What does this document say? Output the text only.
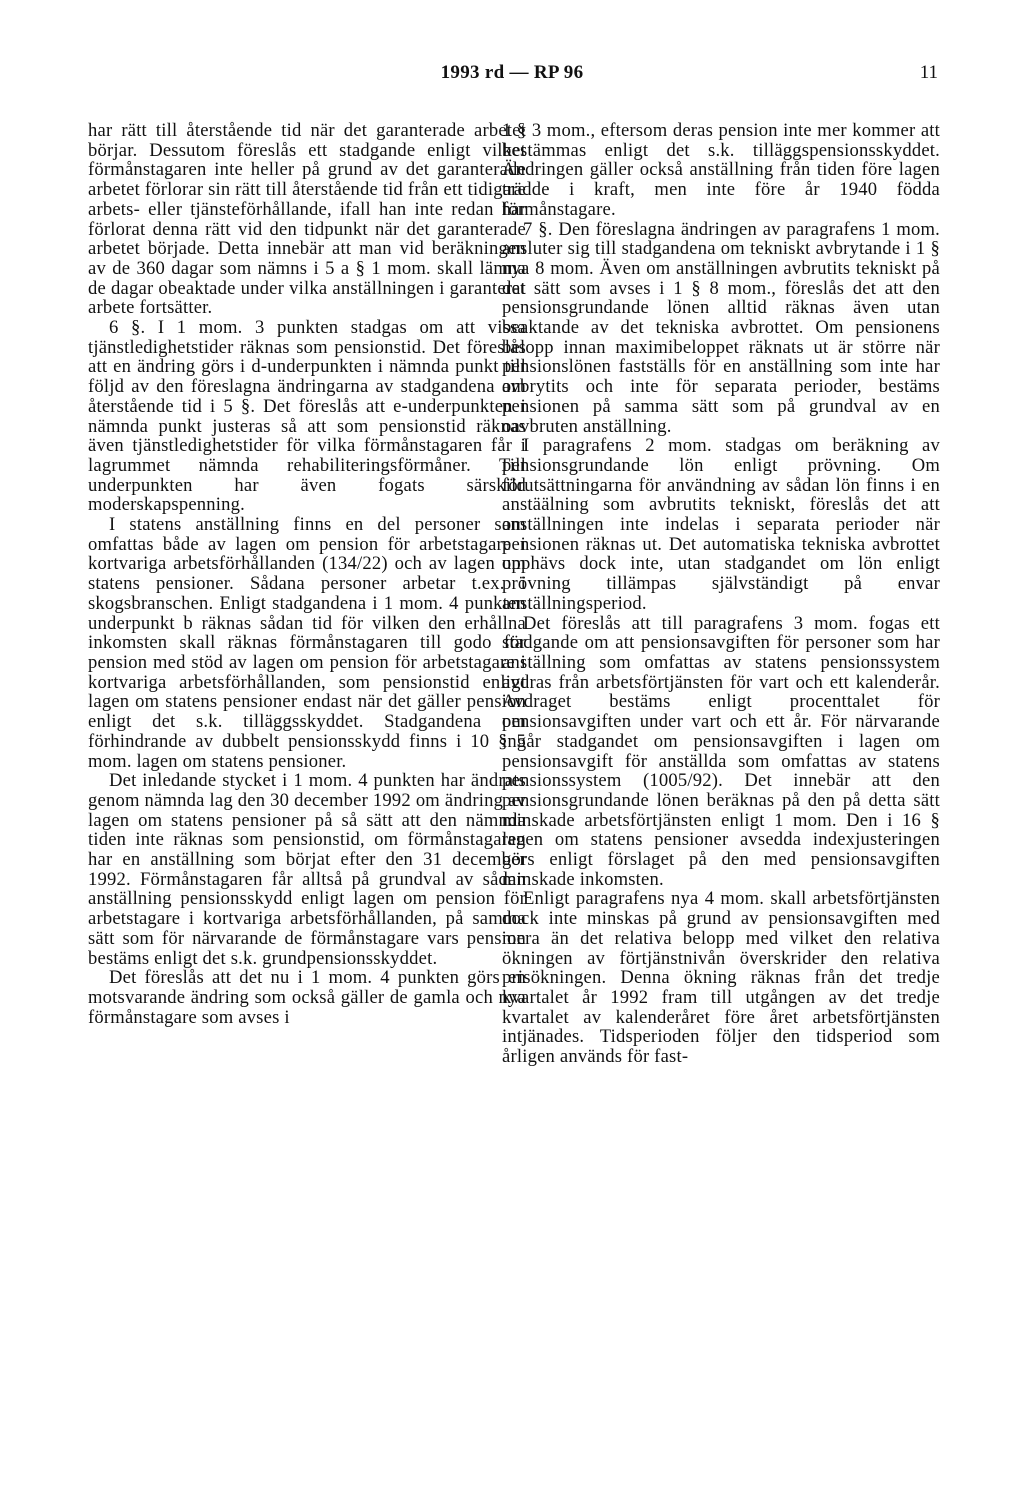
1993 rd — RP 96	11

har rätt till återstående tid när det garanterade arbetet börjar. Dessutom föreslås ett stadgande enligt vilket förmånstagaren inte heller på grund av det garanterade arbetet förlorar sin rätt till återstående tid från ett tidigare arbets- eller tjänsteförhållande, ifall han inte redan har förlorat denna rätt vid den tidpunkt när det garanterade arbetet började. Detta innebär att man vid beräkningen av de 360 dagar som nämns i 5 a § 1 mom. skall lämna de dagar obeaktade under vilka anställningen i garanterat arbete fortsätter.

6 §. I 1 mom. 3 punkten stadgas om att vissa tjänstledighetstider räknas som pensionstid. Det föreslås att en ändring görs i d-underpunkten i nämnda punkt till följd av den föreslagna ändringarna av stadgandena om återstående tid i 5 §. Det föreslås att e-underpunkten i nämnda punkt justeras så att som pensionstid räknas även tjänstledighetstider för vilka förmånstagaren får i lagrummet nämnda rehabiliteringsförmåner. Till underpunkten har även fogats särskild moderskapspenning.

I statens anställning finns en del personer som omfattas både av lagen om pension för arbetstagare i kortvariga arbetsförhållanden (134/22) och av lagen om statens pensioner. Sådana personer arbetar t.ex. i skogsbranschen. Enligt stadgandena i 1 mom. 4 punkten underpunkt b räknas sådan tid för vilken den erhållna inkomsten skall räknas förmånstagaren till godo för pension med stöd av lagen om pension för arbetstagare i kortvariga arbetsförhållanden, som pensionstid enligt lagen om statens pensioner endast när det gäller pension enligt det s.k. tilläggsskyddet. Stadgandena om förhindrande av dubbelt pensionsskydd finns i 10 § 5 mom. lagen om statens pensioner.

Det inledande stycket i 1 mom. 4 punkten har ändrats genom nämnda lag den 30 december 1992 om ändring av lagen om statens pensioner på så sätt att den nämnda tiden inte räknas som pensionstid, om förmånstagaren har en anställning som börjat efter den 31 december 1992. Förmånstagaren får alltså på grundval av sådan anställning pensionsskydd enligt lagen om pension för arbetstagare i kortvariga arbetsförhållanden, på samma sätt som för närvarande de förmånstagare vars pension bestäms enligt det s.k. grundpensionsskyddet.

Det föreslås att det nu i 1 mom. 4 punkten görs en motsvarande ändring som också gäller de gamla och nya förmånstagare som avses i

1 § 3 mom., eftersom deras pension inte mer kommer att bestämmas enligt det s.k. tilläggspensionsskyddet. Ändringen gäller också anställning från tiden före lagen trädde i kraft, men inte före år 1940 födda förmånstagare.

7 §. Den föreslagna ändringen av paragrafens 1 mom. ansluter sig till stadgandena om tekniskt avbrytande i 1 § nya 8 mom. Även om anställningen avbrutits tekniskt på det sätt som avses i 1 § 8 mom., föreslås det att den pensionsgrundande lönen alltid räknas även utan beaktande av det tekniska avbrottet. Om pensionens belopp innan maximibeloppet räknats ut är större när pensionslönen fastställs för en anställning som inte har avbrytits och inte för separata perioder, bestäms pensionen på samma sätt som på grundval av en oavbruten anställning.

I paragrafens 2 mom. stadgas om beräkning av pensionsgrundande lön enligt prövning. Om förutsättningarna för användning av sådan lön finns i en anstäälning som avbrutits tekniskt, föreslås det att anställningen inte indelas i separata perioder när pensionen räknas ut. Det automatiska tekniska avbrottet upphävs dock inte, utan stadgandet om lön enligt prövning tillämpas självständigt på envar anställningsperiod.

Det föreslås att till paragrafens 3 mom. fogas ett stadgande om att pensionsavgiften för personer som har anställning som omfattas av statens pensionssystem avdras från arbetsförtjänsten för vart och ett kalenderår. Avdraget bestäms enligt procenttalet för pensionsavgiften under vart och ett år. För närvarande ingår stadgandet om pensionsavgiften i lagen om pensionsavgift för anställda som omfattas av statens pensionssystem (1005/92). Det innebär att den pensionsgrundande lönen beräknas på den på detta sätt minskade arbetsförtjänsten enligt 1 mom. Den i 16 § lagen om statens pensioner avsedda indexjusteringen görs enligt förslaget på den med pensionsavgiften minskade inkomsten.

Enligt paragrafens nya 4 mom. skall arbetsförtjänsten dock inte minskas på grund av pensionsavgiften med mera än det relativa belopp med vilket den relativa ökningen av förtjänstnivån överskrider den relativa prisökningen. Denna ökning räknas från det tredje kvartalet år 1992 fram till utgången av det tredje kvartalet av kalenderåret före året arbetsförtjänsten intjänades. Tidsperioden följer den tidsperiod som årligen används för fast-
